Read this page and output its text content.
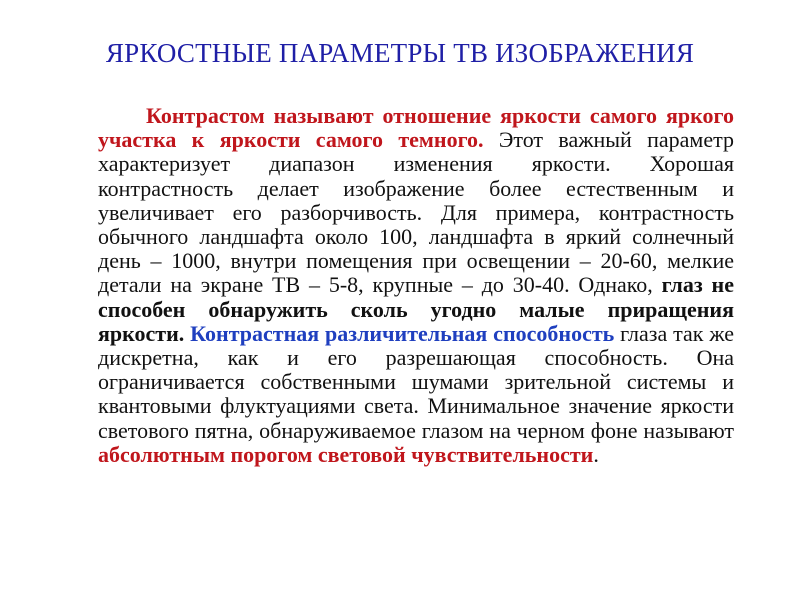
ЯРКОСТНЫЕ ПАРАМЕТРЫ ТВ ИЗОБРАЖЕНИЯ

Контрастом называют отношение яркости самого яркого участка к яркости самого темного. Этот важный параметр характеризует диапазон изменения яркости. Хорошая контрастность делает изображение более естественным и увеличивает его разборчивость. Для примера, контрастность обычного ландшафта около 100, ландшафта в яркий солнечный день – 1000, внутри помещения при освещении – 20-60, мелкие детали на экране ТВ – 5-8, крупные – до 30-40. Однако, глаз не способен обнаружить сколь угодно малые приращения яркости. Контрастная различительная способность глаза так же дискретна, как и его разрешающая способность. Она ограничивается собственными шумами зрительной системы и квантовыми флуктуациями света. Минимальное значение яркости светового пятна, обнаруживаемое глазом на черном фоне называют абсолютным порогом световой чувствительности.
